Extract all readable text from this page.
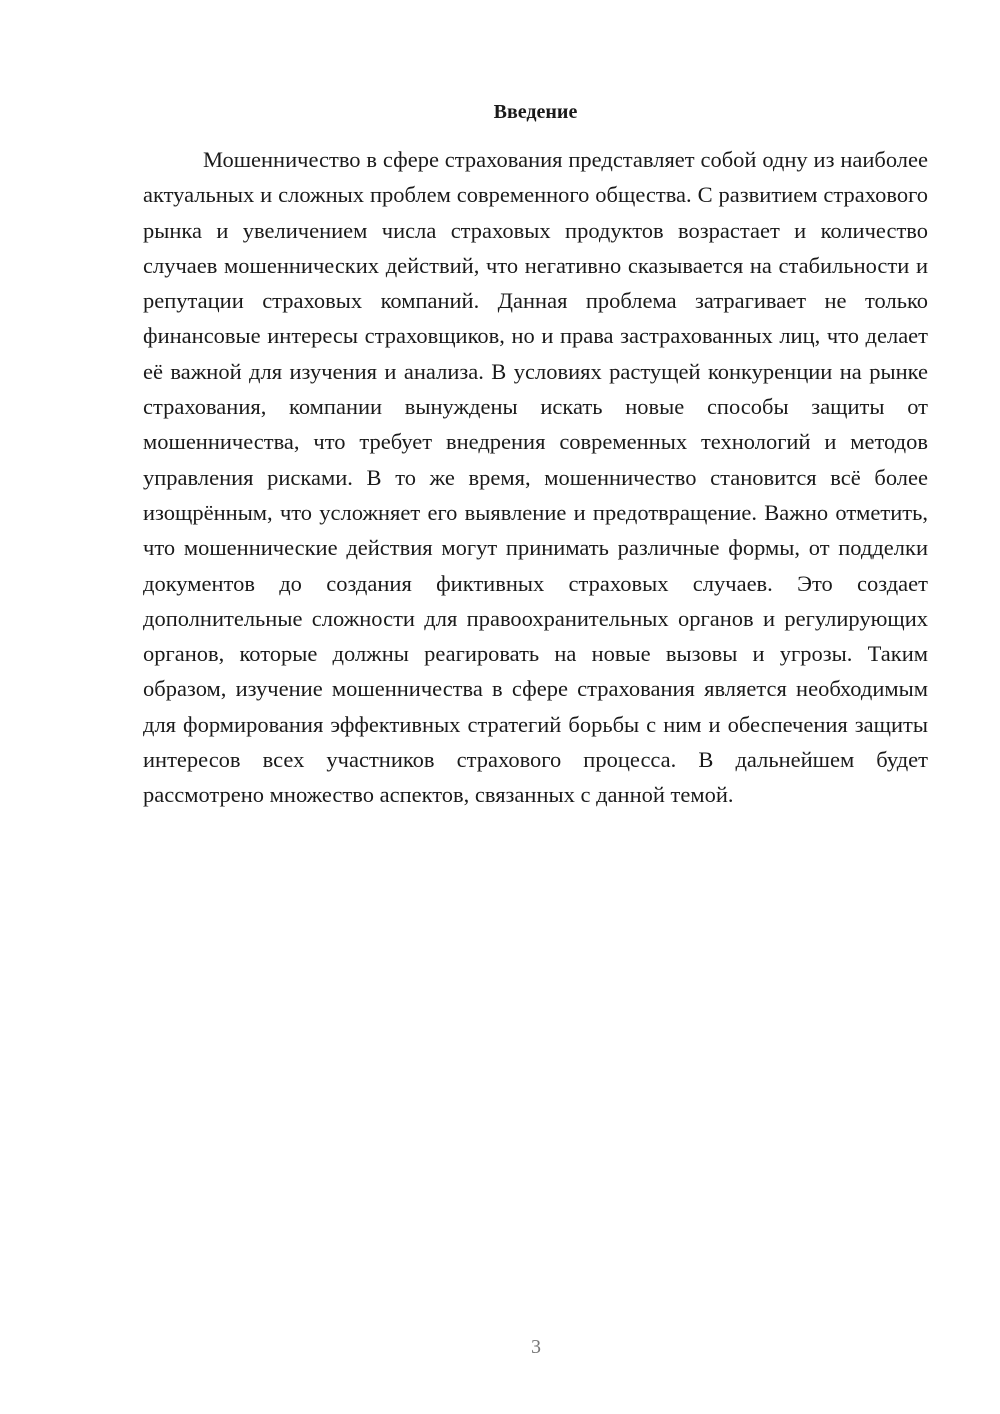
Введение

Мошенничество в сфере страхования представляет собой одну из наиболее актуальных и сложных проблем современного общества. С развитием страхового рынка и увеличением числа страховых продуктов возрастает и количество случаев мошеннических действий, что негативно сказывается на стабильности и репутации страховых компаний. Данная проблема затрагивает не только финансовые интересы страховщиков, но и права застрахованных лиц, что делает её важной для изучения и анализа. В условиях растущей конкуренции на рынке страхования, компании вынуждены искать новые способы защиты от мошенничества, что требует внедрения современных технологий и методов управления рисками. В то же время, мошенничество становится всё более изощрённым, что усложняет его выявление и предотвращение. Важно отметить, что мошеннические действия могут принимать различные формы, от подделки документов до создания фиктивных страховых случаев. Это создает дополнительные сложности для правоохранительных органов и регулирующих органов, которые должны реагировать на новые вызовы и угрозы. Таким образом, изучение мошенничества в сфере страхования является необходимым для формирования эффективных стратегий борьбы с ним и обеспечения защиты интересов всех участников страхового процесса. В дальнейшем будет рассмотрено множество аспектов, связанных с данной темой.

3
